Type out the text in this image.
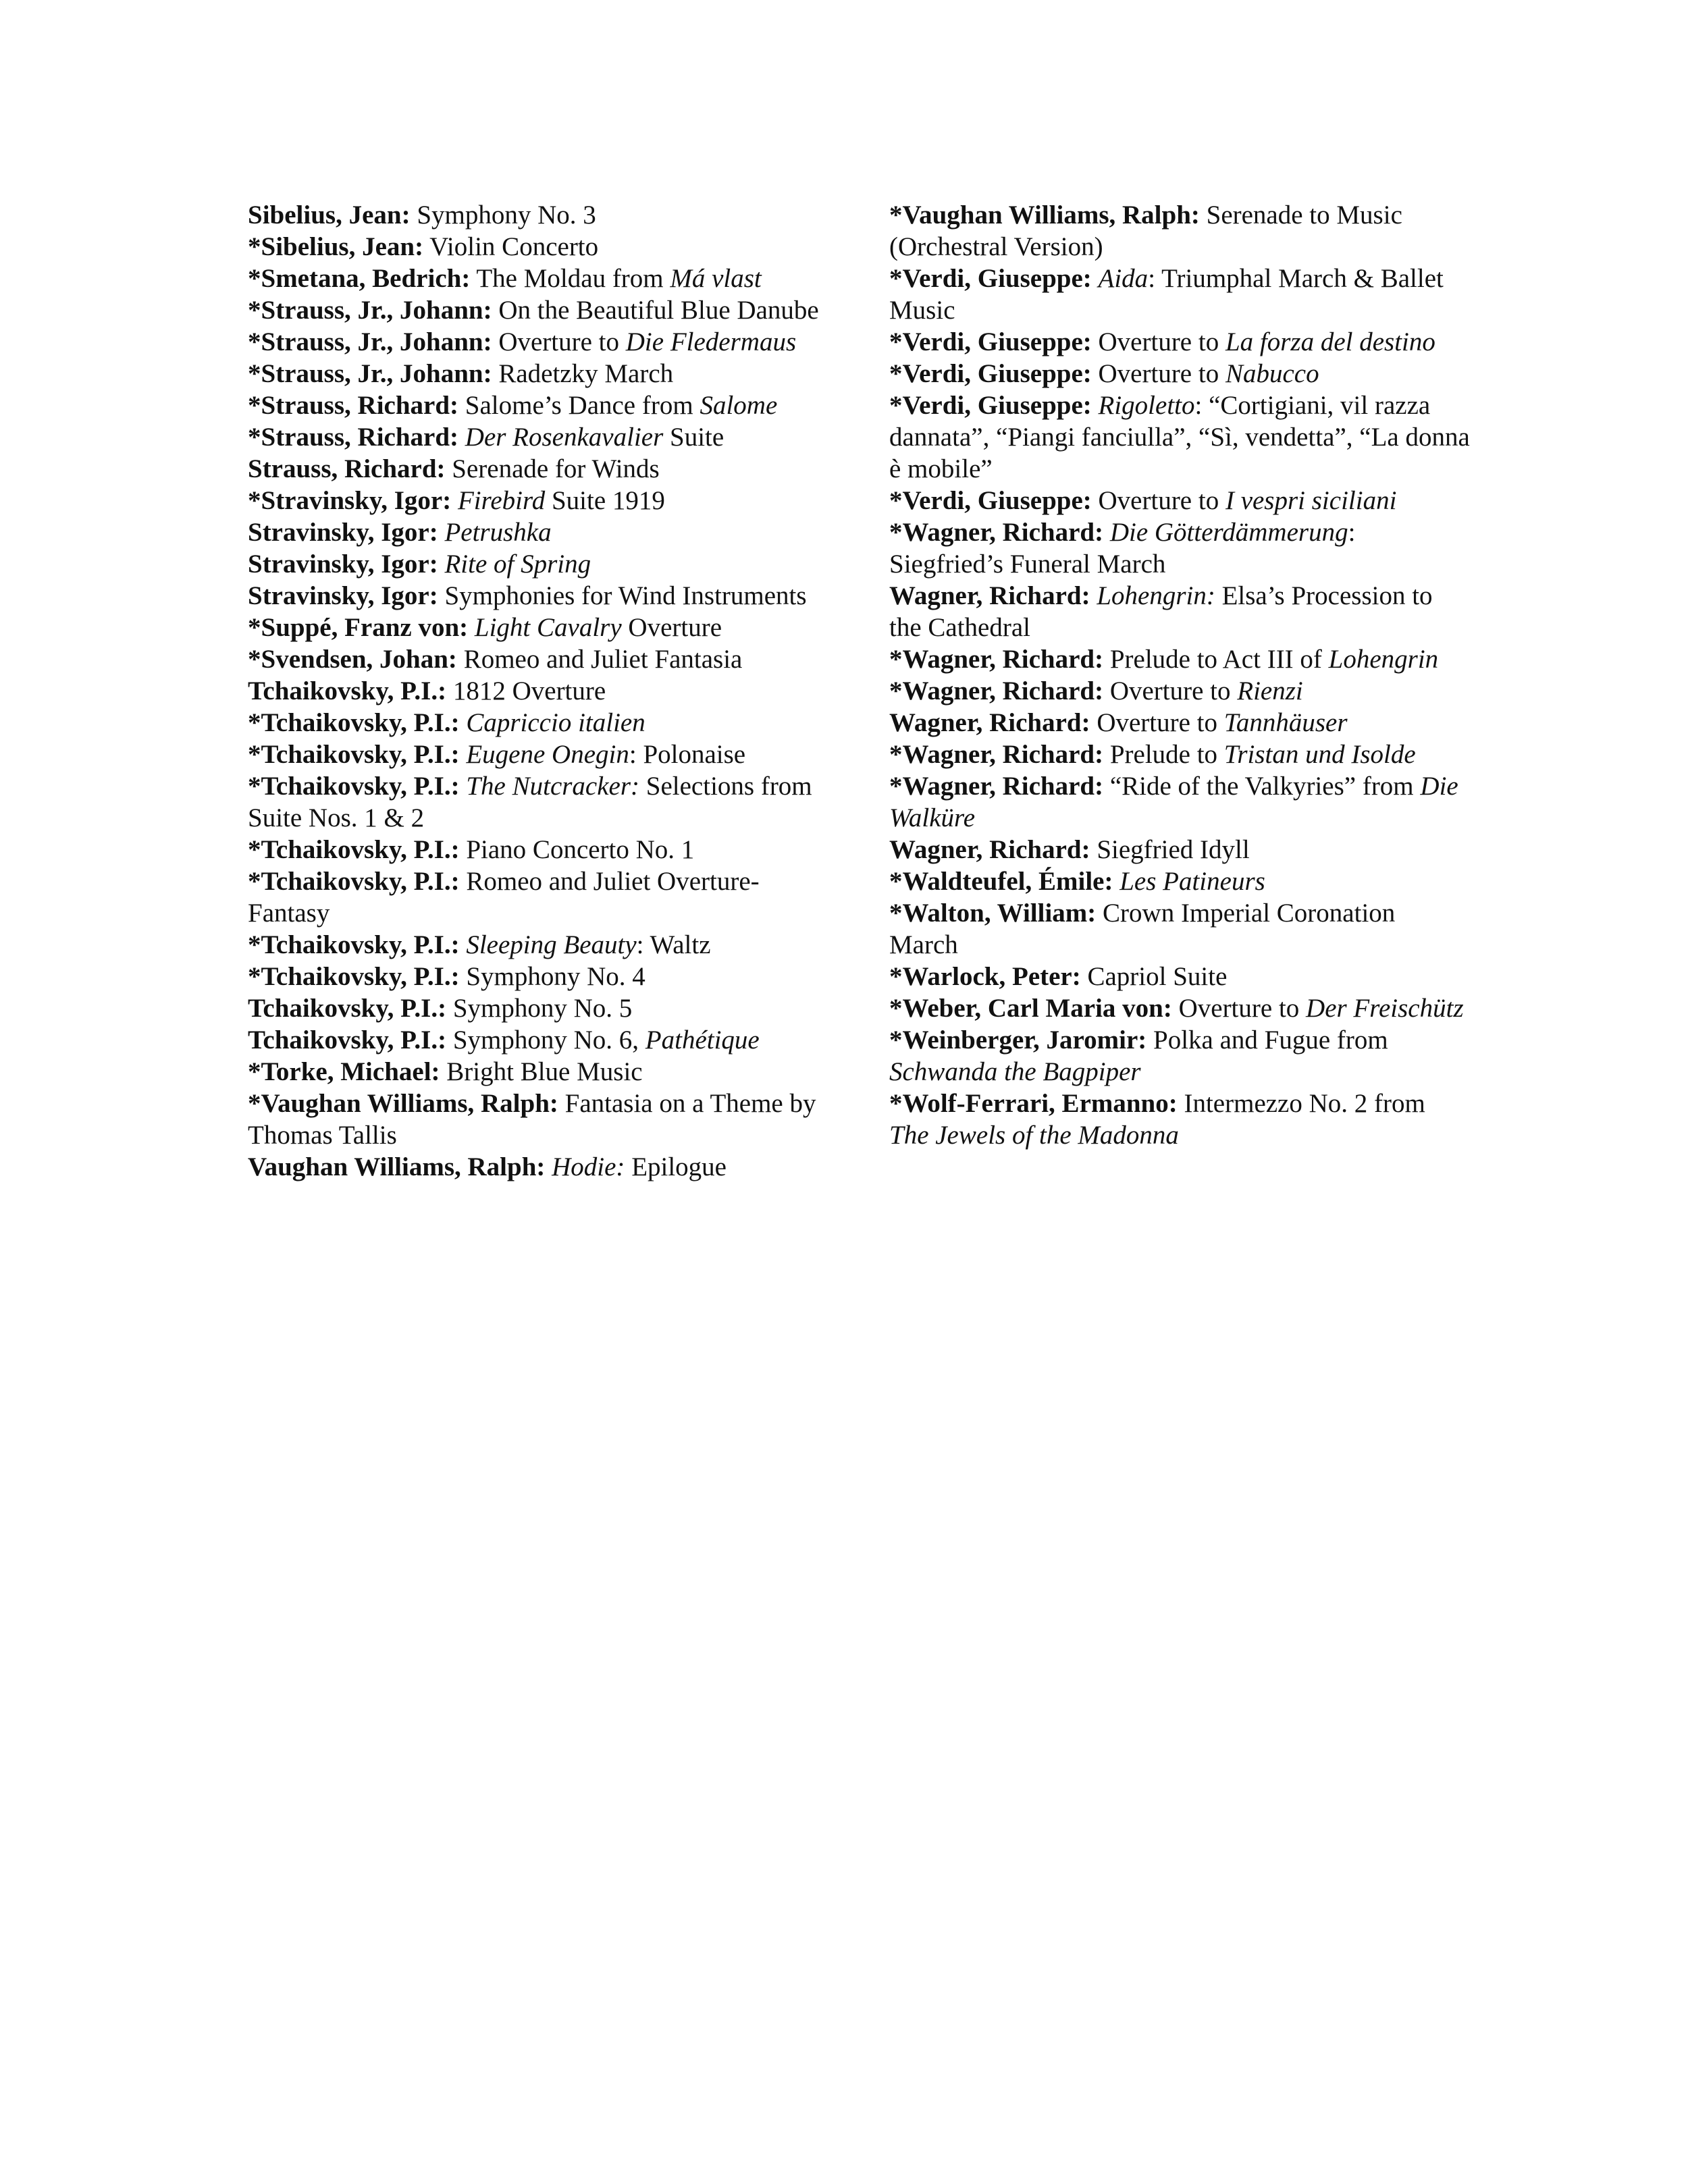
Sibelius, Jean: Symphony No. 3
*Sibelius, Jean: Violin Concerto
*Smetana, Bedrich: The Moldau from Má vlast
*Strauss, Jr., Johann: On the Beautiful Blue Danube
*Strauss, Jr., Johann: Overture to Die Fledermaus
*Strauss, Jr., Johann: Radetzky March
*Strauss, Richard: Salome’s Dance from Salome
*Strauss, Richard: Der Rosenkavalier Suite
Strauss, Richard: Serenade for Winds
*Stravinsky, Igor: Firebird Suite 1919
Stravinsky, Igor: Petrushka
Stravinsky, Igor: Rite of Spring
Stravinsky, Igor: Symphonies for Wind Instruments
*Suppé, Franz von: Light Cavalry Overture
*Svendsen, Johan: Romeo and Juliet Fantasia
Tchaikovsky, P.I.: 1812 Overture
*Tchaikovsky, P.I.: Capriccio italien
*Tchaikovsky, P.I.: Eugene Onegin: Polonaise
*Tchaikovsky, P.I.: The Nutcracker: Selections from Suite Nos. 1 & 2
*Tchaikovsky, P.I.: Piano Concerto No. 1
*Tchaikovsky, P.I.: Romeo and Juliet Overture-Fantasy
*Tchaikovsky, P.I.: Sleeping Beauty: Waltz
*Tchaikovsky, P.I.: Symphony No. 4
Tchaikovsky, P.I.: Symphony No. 5
Tchaikovsky, P.I.: Symphony No. 6, Pathétique
*Torke, Michael: Bright Blue Music
*Vaughan Williams, Ralph: Fantasia on a Theme by Thomas Tallis
Vaughan Williams, Ralph: Hodie: Epilogue
*Vaughan Williams, Ralph: Serenade to Music (Orchestral Version)
*Verdi, Giuseppe: Aida: Triumphal March & Ballet Music
*Verdi, Giuseppe: Overture to La forza del destino
*Verdi, Giuseppe: Overture to Nabucco
*Verdi, Giuseppe: Rigoletto: “Cortigiani, vil razza dannata”, “Piangi fanciulla”, “Sì, vendetta”, “La donna è mobile”
*Verdi, Giuseppe: Overture to I vespri siciliani
*Wagner, Richard: Die Götterdämmerung: Siegfried’s Funeral March
Wagner, Richard: Lohengrin: Elsa’s Procession to the Cathedral
*Wagner, Richard: Prelude to Act III of Lohengrin
*Wagner, Richard: Overture to Rienzi
Wagner, Richard: Overture to Tannhäuser
*Wagner, Richard: Prelude to Tristan und Isolde
*Wagner, Richard: “Ride of the Valkyries” from Die Walküre
Wagner, Richard: Siegfried Idyll
*Waldteufel, Émile: Les Patineurs
*Walton, William: Crown Imperial Coronation March
*Warlock, Peter: Capriol Suite
*Weber, Carl Maria von: Overture to Der Freischütz
*Weinberger, Jaromir: Polka and Fugue from Schwanda the Bagpiper
*Wolf-Ferrari, Ermanno: Intermezzo No. 2 from The Jewels of the Madonna
